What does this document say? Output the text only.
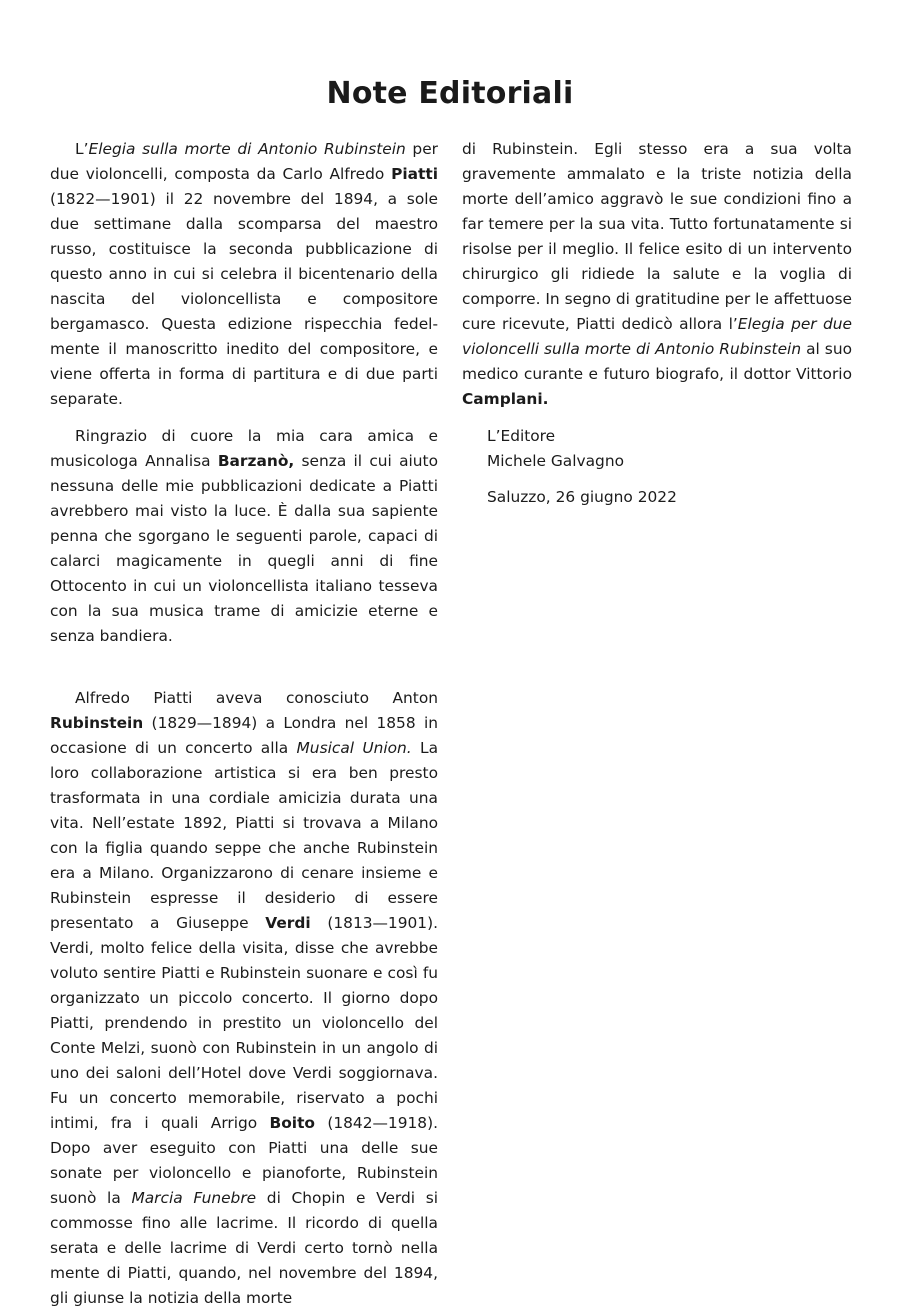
Note Editoriali

L’Elegia sulla morte di Antonio Rubinstein per due violoncelli, composta da Carlo Alfredo Piatti (1822—1901) il 22 novembre del 1894, a sole due settimane dalla scomparsa del maestro russo, costituisce la seconda pubblicazione di questo anno in cui si celebra il bicentenario della nascita del violoncellista e compositore bergamasco. Questa edizione rispecchia fedelmente il manoscritto inedito del compositore, e viene offerta in forma di partitura e di due parti separate.

Ringrazio di cuore la mia cara amica e musicologa Annalisa Barzanò, senza il cui aiuto nessuna delle mie pubblicazioni dedicate a Piatti avrebbero mai visto la luce. È dalla sua sapiente penna che sgorgano le seguenti parole, capaci di calarci magicamente in quegli anni di fine Ottocento in cui un violoncellista italiano tesseva con la sua musica trame di amicizie eterne e senza bandiera.

Alfredo Piatti aveva conosciuto Anton Rubinstein (1829—1894) a Londra nel 1858 in occasione di un concerto alla Musical Union. La loro collaborazione artistica si era ben presto trasformata in una cordiale amicizia durata una vita. Nell’estate 1892, Piatti si trovava a Milano con la figlia quando seppe che anche Rubinstein era a Milano. Organizzarono di cenare insieme e Rubinstein espresse il desiderio di essere presentato a Giuseppe Verdi (1813—1901). Verdi, molto felice della visita, disse che avrebbe voluto sentire Piatti e Rubinstein suonare e così fu organizzato un piccolo concerto. Il giorno dopo Piatti, prendendo in prestito un violoncello del Conte Melzi, suonò con Rubinstein in un angolo di uno dei saloni dell’Hotel dove Verdi soggiornava. Fu un concerto memorabile, riservato a pochi intimi, fra i quali Arrigo Boito (1842—1918). Dopo aver eseguito con Piatti una delle sue sonate per violoncello e pianoforte, Rubinstein suonò la Marcia Funebre di Chopin e Verdi si commosse fino alle lacrime. Il ricordo di quella serata e delle lacrime di Verdi certo tornò nella mente di Piatti, quando, nel novembre del 1894, gli giunse la notizia della morte

di Rubinstein. Egli stesso era a sua volta gravemente ammalato e la triste notizia della morte dell’amico aggravò le sue condizioni fino a far temere per la sua vita. Tutto fortunatamente si risolse per il meglio. Il felice esito di un intervento chirurgico gli ridiede la salute e la voglia di comporre. In segno di gratitudine per le affettuose cure ricevute, Piatti dedicò allora l’Elegia per due violoncelli sulla morte di Antonio Rubinstein al suo medico curante e futuro biografo, il dottor Vittorio Camplani.

L’Editore
Michele Galvagno
Saluzzo, 26 giugno 2022
